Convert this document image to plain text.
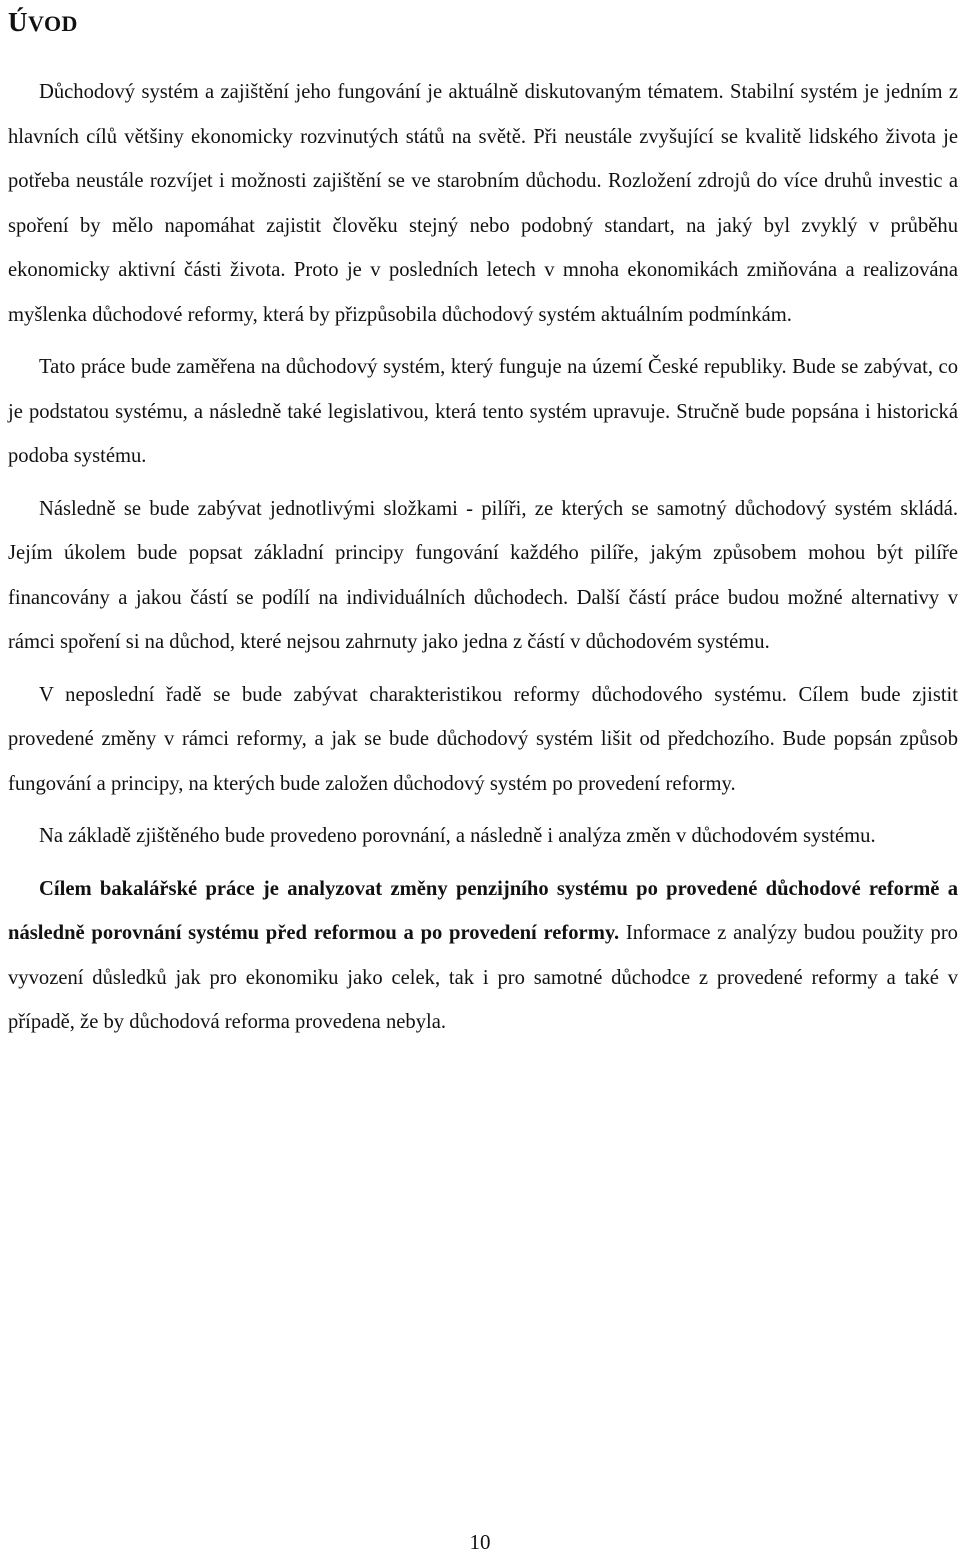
ÚVOD

Důchodový systém a zajištění jeho fungování je aktuálně diskutovaným tématem. Stabilní systém je jedním z hlavních cílů většiny ekonomicky rozvinutých států na světě. Při neustále zvyšující se kvalitě lidského života je potřeba neustále rozvíjet i možnosti zajištění se ve starobním důchodu. Rozložení zdrojů do více druhů investic a spoření by mělo napomáhat zajistit člověku stejný nebo podobný standart, na jaký byl zvyklý v průběhu ekonomicky aktivní části života. Proto je v posledních letech v mnoha ekonomikách zmiňována a realizována myšlenka důchodové reformy, která by přizpůsobila důchodový systém aktuálním podmínkám.

Tato práce bude zaměřena na důchodový systém, který funguje na území České republiky. Bude se zabývat, co je podstatou systému, a následně také legislativou, která tento systém upravuje. Stručně bude popsána i historická podoba systému.

Následně se bude zabývat jednotlivými složkami - pilíři, ze kterých se samotný důchodový systém skládá. Jejím úkolem bude popsat základní principy fungování každého pilíře, jakým způsobem mohou být pilíře financovány a jakou částí se podílí na individuálních důchodech. Další částí práce budou možné alternativy v rámci spoření si na důchod, které nejsou zahrnuty jako jedna z částí v důchodovém systému.

V neposlední řadě se bude zabývat charakteristikou reformy důchodového systému. Cílem bude zjistit provedené změny v rámci reformy, a jak se bude důchodový systém lišit od předchozího. Bude popsán způsob fungování a principy, na kterých bude založen důchodový systém po provedení reformy.

Na základě zjištěného bude provedeno porovnání, a následně i analýza změn v důchodovém systému.

Cílem bakalářské práce je analyzovat změny penzijního systému po provedené důchodové reformě a následně porovnání systému před reformou a po provedení reformy. Informace z analýzy budou použity pro vyvození důsledků jak pro ekonomiku jako celek, tak i pro samotné důchodce z provedené reformy a také v případě, že by důchodová reforma provedena nebyla.

10
